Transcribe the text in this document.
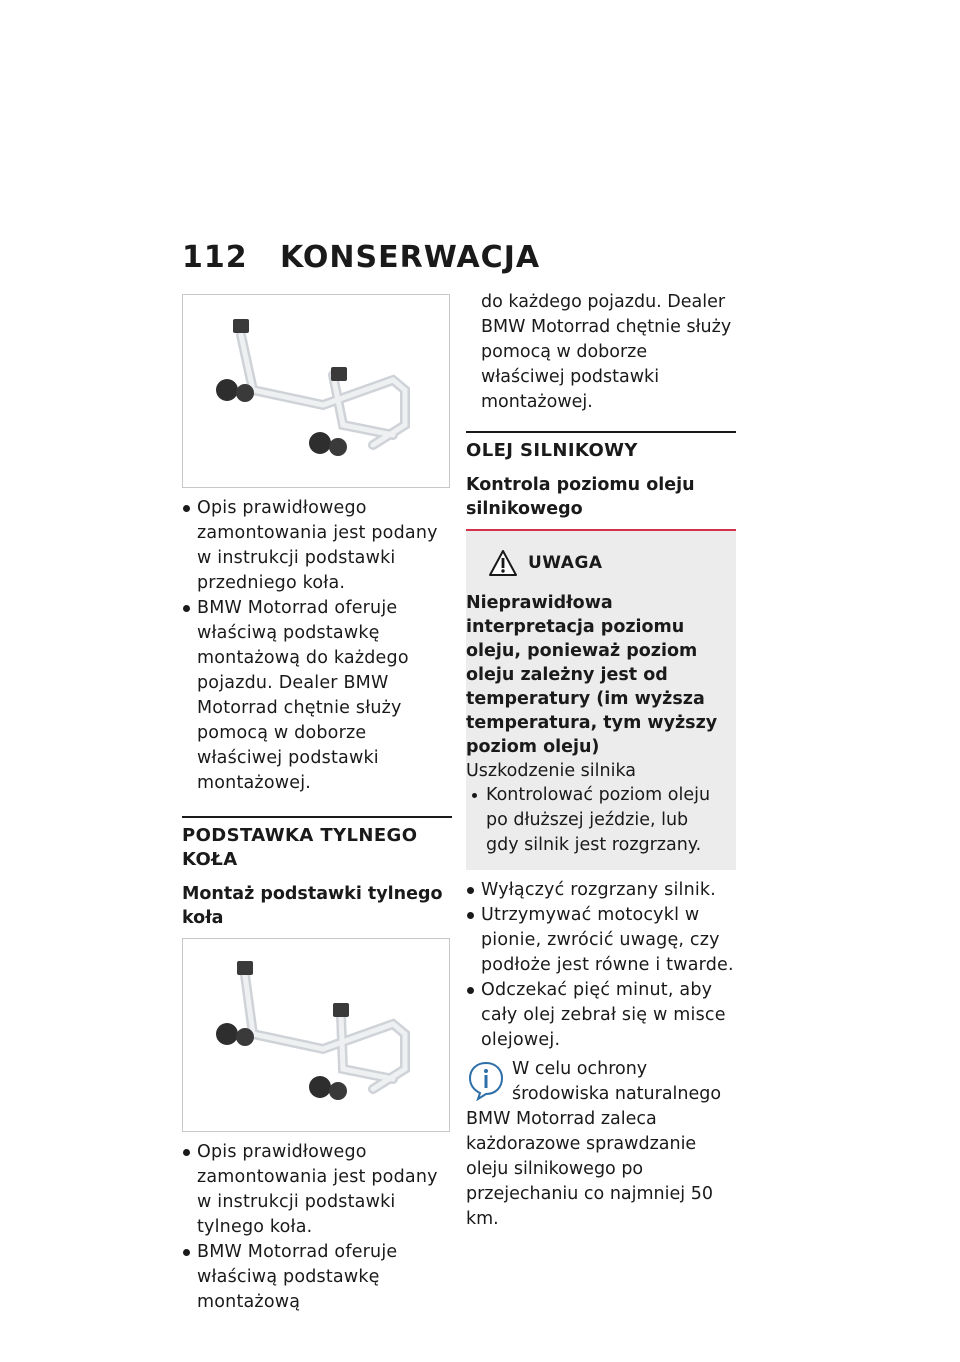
112 KONSERWACJA
Opis prawidłowego zamontowania jest podany w instrukcji podstawki przedniego koła.
BMW Motorrad oferuje właściwą podstawkę montażową do każdego pojazdu. Dealer BMW Motorrad chętnie służy pomocą w doborze właściwej podstawki montażowej.
PODSTAWKA TYLNEGO KOŁA
Montaż podstawki tylnego koła
Opis prawidłowego zamontowania jest podany w instrukcji podstawki tylnego koła.
BMW Motorrad oferuje właściwą podstawkę montażową
do każdego pojazdu. Dealer BMW Motorrad chętnie służy pomocą w doborze właściwej podstawki montażowej.
OLEJ SILNIKOWY
Kontrola poziomu oleju silnikowego
UWAGA
Nieprawidłowa interpretacja poziomu oleju, ponieważ poziom oleju zależny jest od temperatury (im wyższa temperatura, tym wyższy poziom oleju)
Uszkodzenie silnika
Kontrolować poziom oleju po dłuższej jeździe, lub gdy silnik jest rozgrzany.
Wyłączyć rozgrzany silnik.
Utrzymywać motocykl w pionie, zwrócić uwagę, czy podłoże jest równe i twarde.
Odczekać pięć minut, aby cały olej zebrał się w misce olejowej.
W celu ochrony środowiska naturalnego BMW Motorrad zaleca każdorazowe sprawdzanie oleju silnikowego po przejechaniu co najmniej 50 km.
